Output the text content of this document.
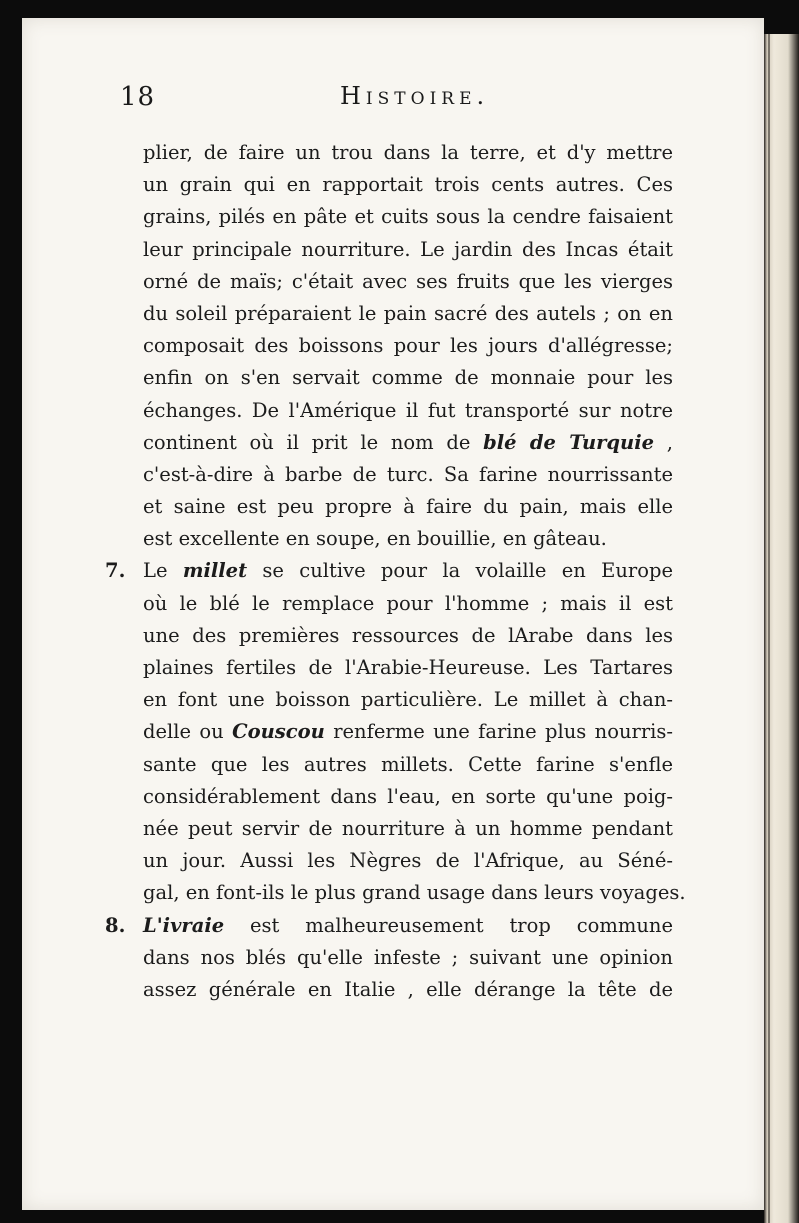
18	Histoire.
plier, de faire un trou dans la terre, et d'y mettre
un grain qui en rapportait trois cents autres. Ces
grains, pilés en pâte et cuits sous la cendre faisaient
leur principale nourriture. Le jardin des Incas était
orné de maïs; c'était avec ses fruits que les vierges
du soleil préparaient le pain sacré des autels ; on en
composait des boissons pour les jours d'allégresse;
enfin on s'en servait comme de monnaie pour les
échanges. De l'Amérique il fut transporté sur notre
continent où il prit le nom de blé de Turquie ,
c'est-à-dire à barbe de turc. Sa farine nourrissante
et saine est peu propre à faire du pain, mais elle
est excellente en soupe, en bouillie, en gâteau.
7. Le millet se cultive pour la volaille en Europe
où le blé le remplace pour l'homme ; mais il est
une des premières ressources de lArabe dans les
plaines fertiles de l'Arabie-Heureuse. Les Tartares
en font une boisson particulière. Le millet à chan-
delle ou Couscou renferme une farine plus nourris-
sante que les autres millets. Cette farine s'enfle
considérablement dans l'eau, en sorte qu'une poig-
née peut servir de nourriture à un homme pendant
un jour. Aussi les Nègres de l'Afrique, au Séné-
gal, en font-ils le plus grand usage dans leurs voyages.
8. L'ivraie est malheureusement trop commune
dans nos blés qu'elle infeste ; suivant une opinion
assez générale en Italie , elle dérange la tête de
